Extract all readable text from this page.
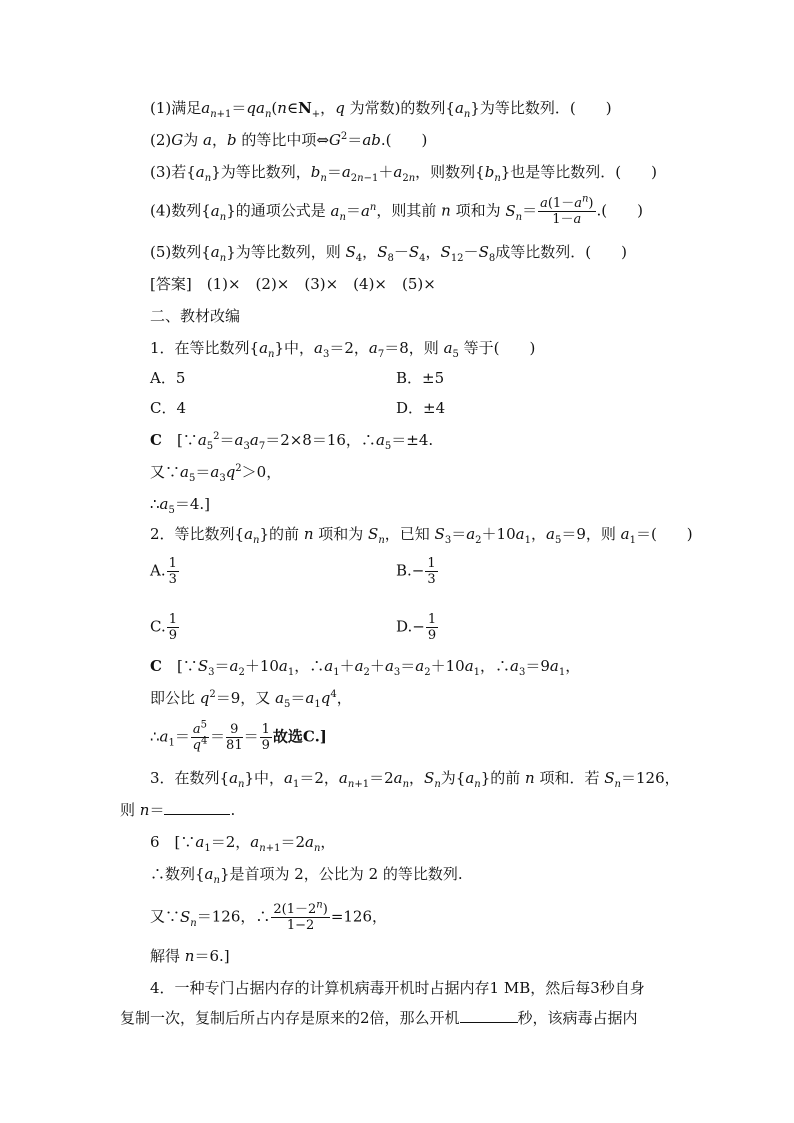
(1)满足$a_{n+1}=qa_n(n\in N_+$，q 为常数)的数列$\{a_n\}$为等比数列．(　　)
(2)G为 a，b 的等比中项$\Leftrightarrow G^2=ab$.(　　)
(3)若$\{a_n\}$为等比数列，$b_n=a_{2n-1}+a_{2n}$，则数列$\{b_n\}$也是等比数列．(　　)
(4)数列$\{a_n\}$的通项公式是 $a_n=a^n$，则其前 n 项和为 $S_n= \frac{a(1-a^n)}{1-a}$ .(　　)
(5)数列$\{a_n\}$为等比数列，则 $S_4$，$S_8-S_4$，$S_{12}-S_8$成等比数列．(　　)
[答案]　 (1)×　(2)×　(3)×　(4)×　(5)×
二、教材改编
1．在等比数列$\{a_n\}$中，$a_3=2$，$a_7=8$，则 $a_5$ 等于(　　)
A．5	B．±5
C．4	D．±4
C　[$\because a_5^2=a_3a_7=2\times 8=16$，$\therefore a_5=\pm 4$.
又$\because a_5=a_3q^2>0$，
$\therefore a_5=4$.]
2．等比数列$\{a_n\}$的前 n 项和为 $S_n$，已知 $S_3=a_2+10a_1$，$a_5=9$，则 $a_1=$(　　)
A. $\frac{1}{3}$	$B.- \frac{1}{3}$
C. $\frac{1}{9}$	$D.- \frac{1}{9}$
C　[$\because S_3=a_2+10a_1$，$\therefore a_1+a_2+a_3=a_2+10a_1$，$\therefore a_3=9a_1$，
即公比 $q^2=9$，又 $a_5=a_1q^4$，
$\therefore a_1= \frac{a^5}{q^4} = \frac{9}{81} = \frac{1}{9}$ 故选C.]
3．在数列$\{a_n\}$中，$a_1=2$，$a_{n+1}=2a_n$，$S_n$为$\{a_n\}$的前 n 项和．若 $S_n=126$，
则 n＝	.
6　[$\because a_1=2$，$a_{n+1}=2a_n$，
∴数列$\{a_n\}$是首项为 2，公比为 2 的等比数列.
又$\because S_n=126$，∴ $\frac{2(1-2^n)}{1-2} =126$，
解得 n＝6.]
4．一种专门占据内存的计算机病毒开机时占据内存1 MB，然后每3秒自身
复制一次，复制后所占内存是原来的2倍，那么开机	秒，该病毒占据内
